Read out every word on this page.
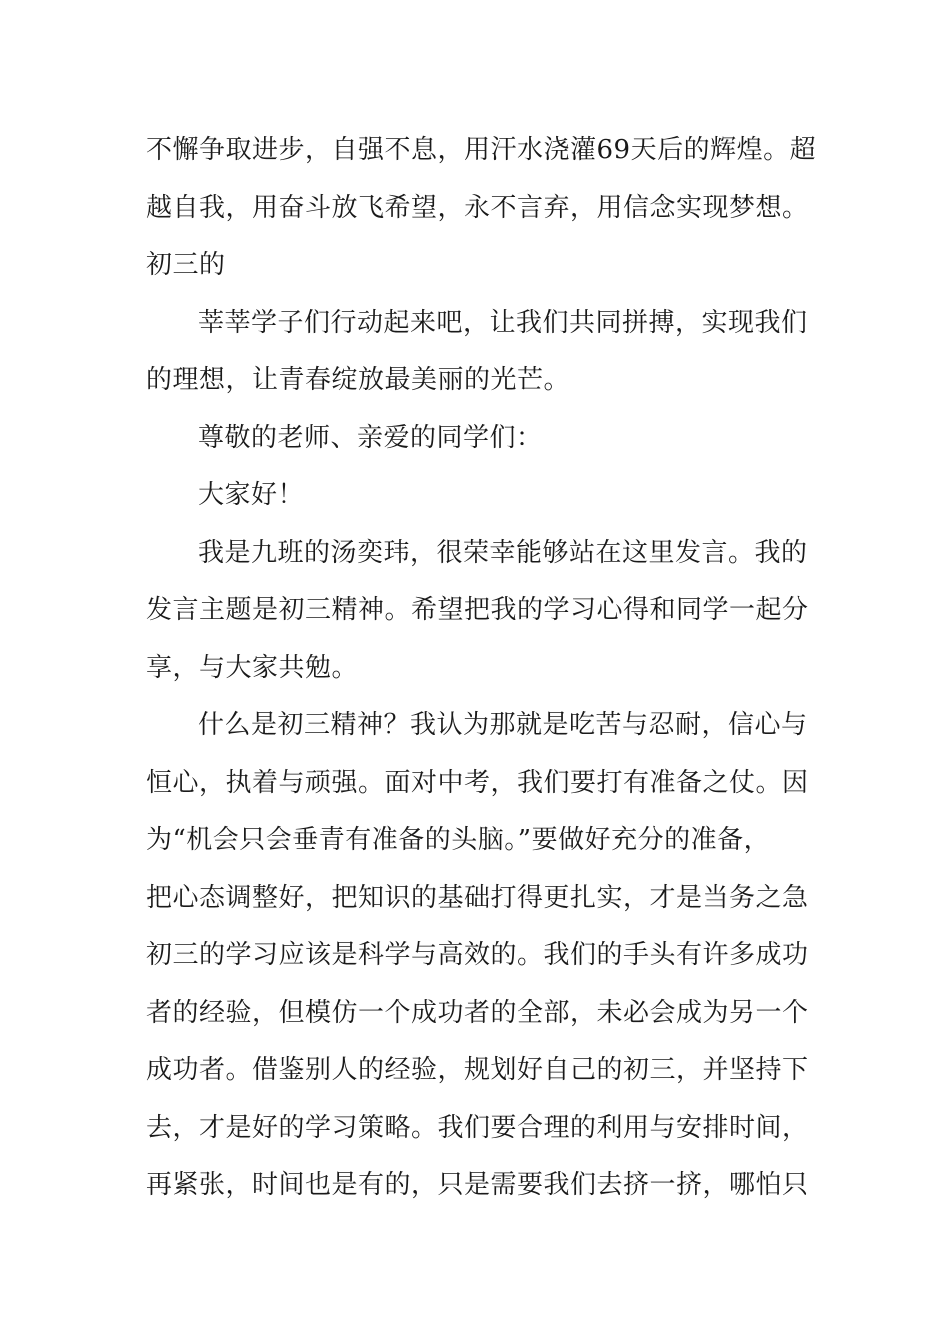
不懈争取进步，自强不息，用汗水浇灌69天后的辉煌。超
越自我，用奋斗放飞希望，永不言弃，用信念实现梦想。
初三的
莘莘学子们行动起来吧，让我们共同拼搏，实现我们
的理想，让青春绽放最美丽的光芒。
尊敬的老师、亲爱的同学们：
大家好！
我是九班的汤奕玮，很荣幸能够站在这里发言。我的
发言主题是初三精神。希望把我的学习心得和同学一起分
享，与大家共勉。
什么是初三精神？我认为那就是吃苦与忍耐，信心与
恒心，执着与顽强。面对中考，我们要打有准备之仗。因
为“机会只会垂青有准备的头脑。”要做好充分的准备，
把心态调整好，把知识的基础打得更扎实，才是当务之急
初三的学习应该是科学与高效的。我们的手头有许多成功
者的经验，但模仿一个成功者的全部，未必会成为另一个
成功者。借鉴别人的经验，规划好自己的初三，并坚持下
去，才是好的学习策略。我们要合理的利用与安排时间，
再紧张，时间也是有的，只是需要我们去挤一挤，哪怕只
